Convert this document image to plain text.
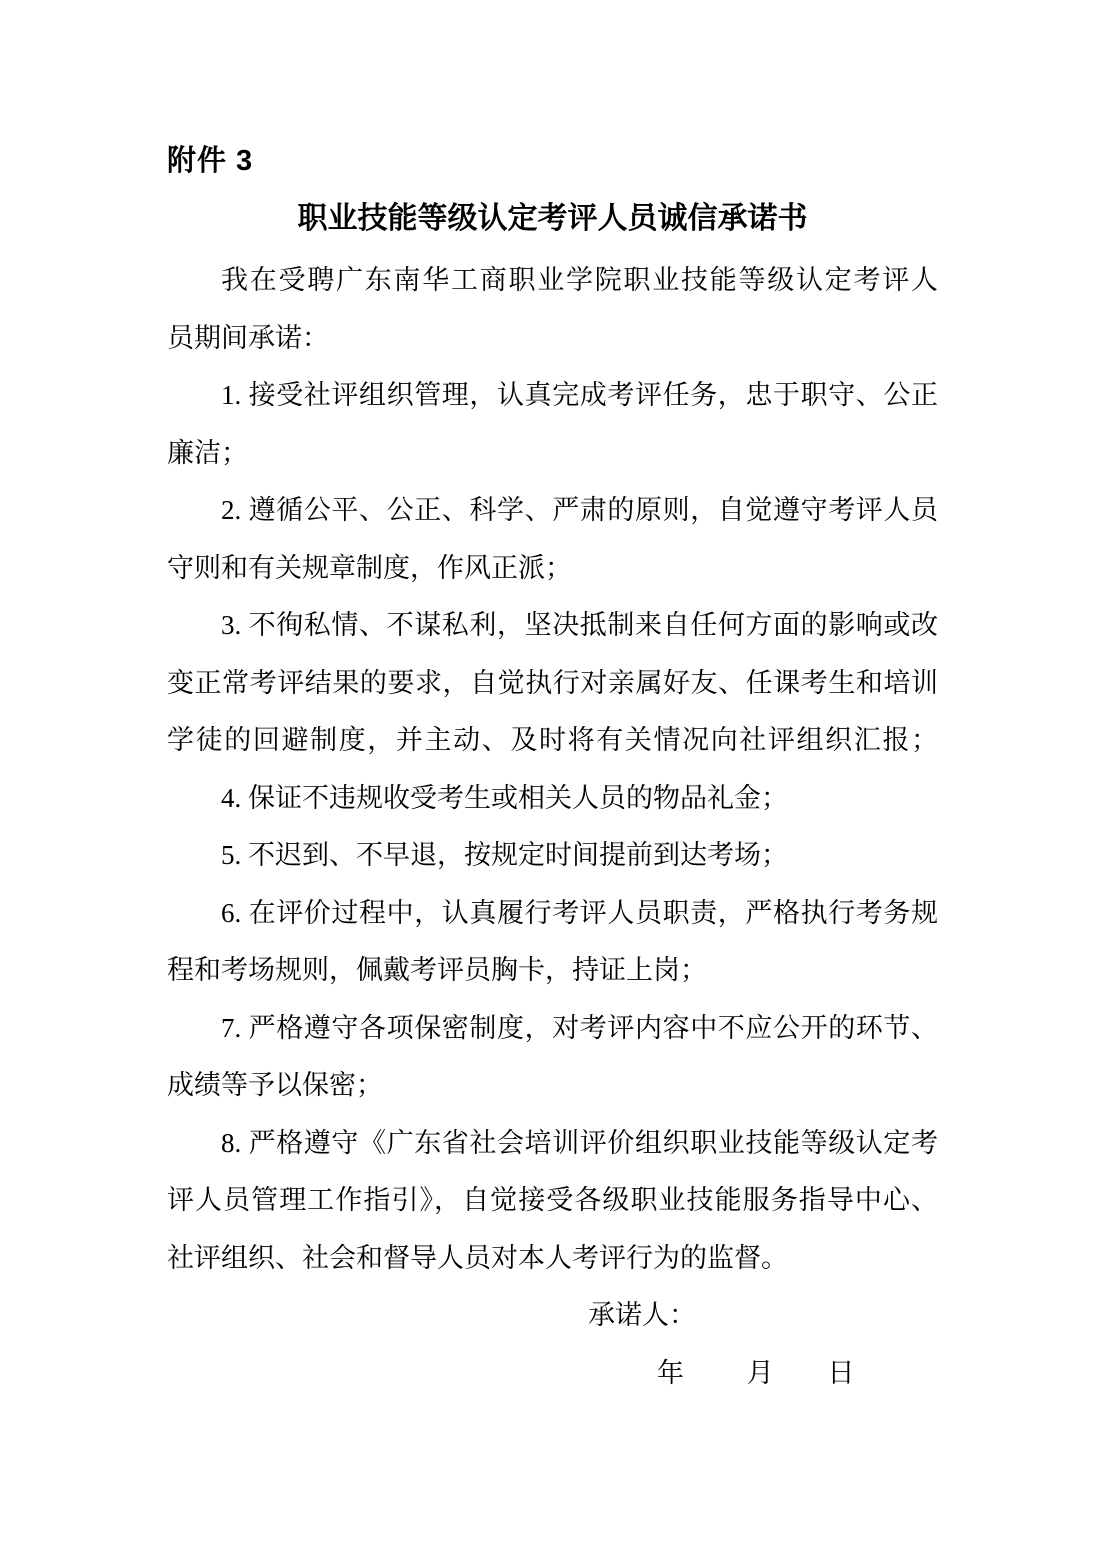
附件 3
职业技能等级认定考评人员诚信承诺书
我在受聘广东南华工商职业学院职业技能等级认定考评人
员期间承诺：
1. 接受社评组织管理，认真完成考评任务，忠于职守、公正
廉洁；
2. 遵循公平、公正、科学、严肃的原则，自觉遵守考评人员
守则和有关规章制度，作风正派；
3. 不徇私情、不谋私利，坚决抵制来自任何方面的影响或改
变正常考评结果的要求，自觉执行对亲属好友、任课考生和培训
学徒的回避制度，并主动、及时将有关情况向社评组织汇报；
4. 保证不违规收受考生或相关人员的物品礼金；
5. 不迟到、不早退，按规定时间提前到达考场；
6. 在评价过程中，认真履行考评人员职责，严格执行考务规
程和考场规则，佩戴考评员胸卡，持证上岗；
7. 严格遵守各项保密制度，对考评内容中不应公开的环节、
成绩等予以保密；
8. 严格遵守《广东省社会培训评价组织职业技能等级认定考
评人员管理工作指引》，自觉接受各级职业技能服务指导中心、
社评组织、社会和督导人员对本人考评行为的监督。
承诺人：
年 月 日
